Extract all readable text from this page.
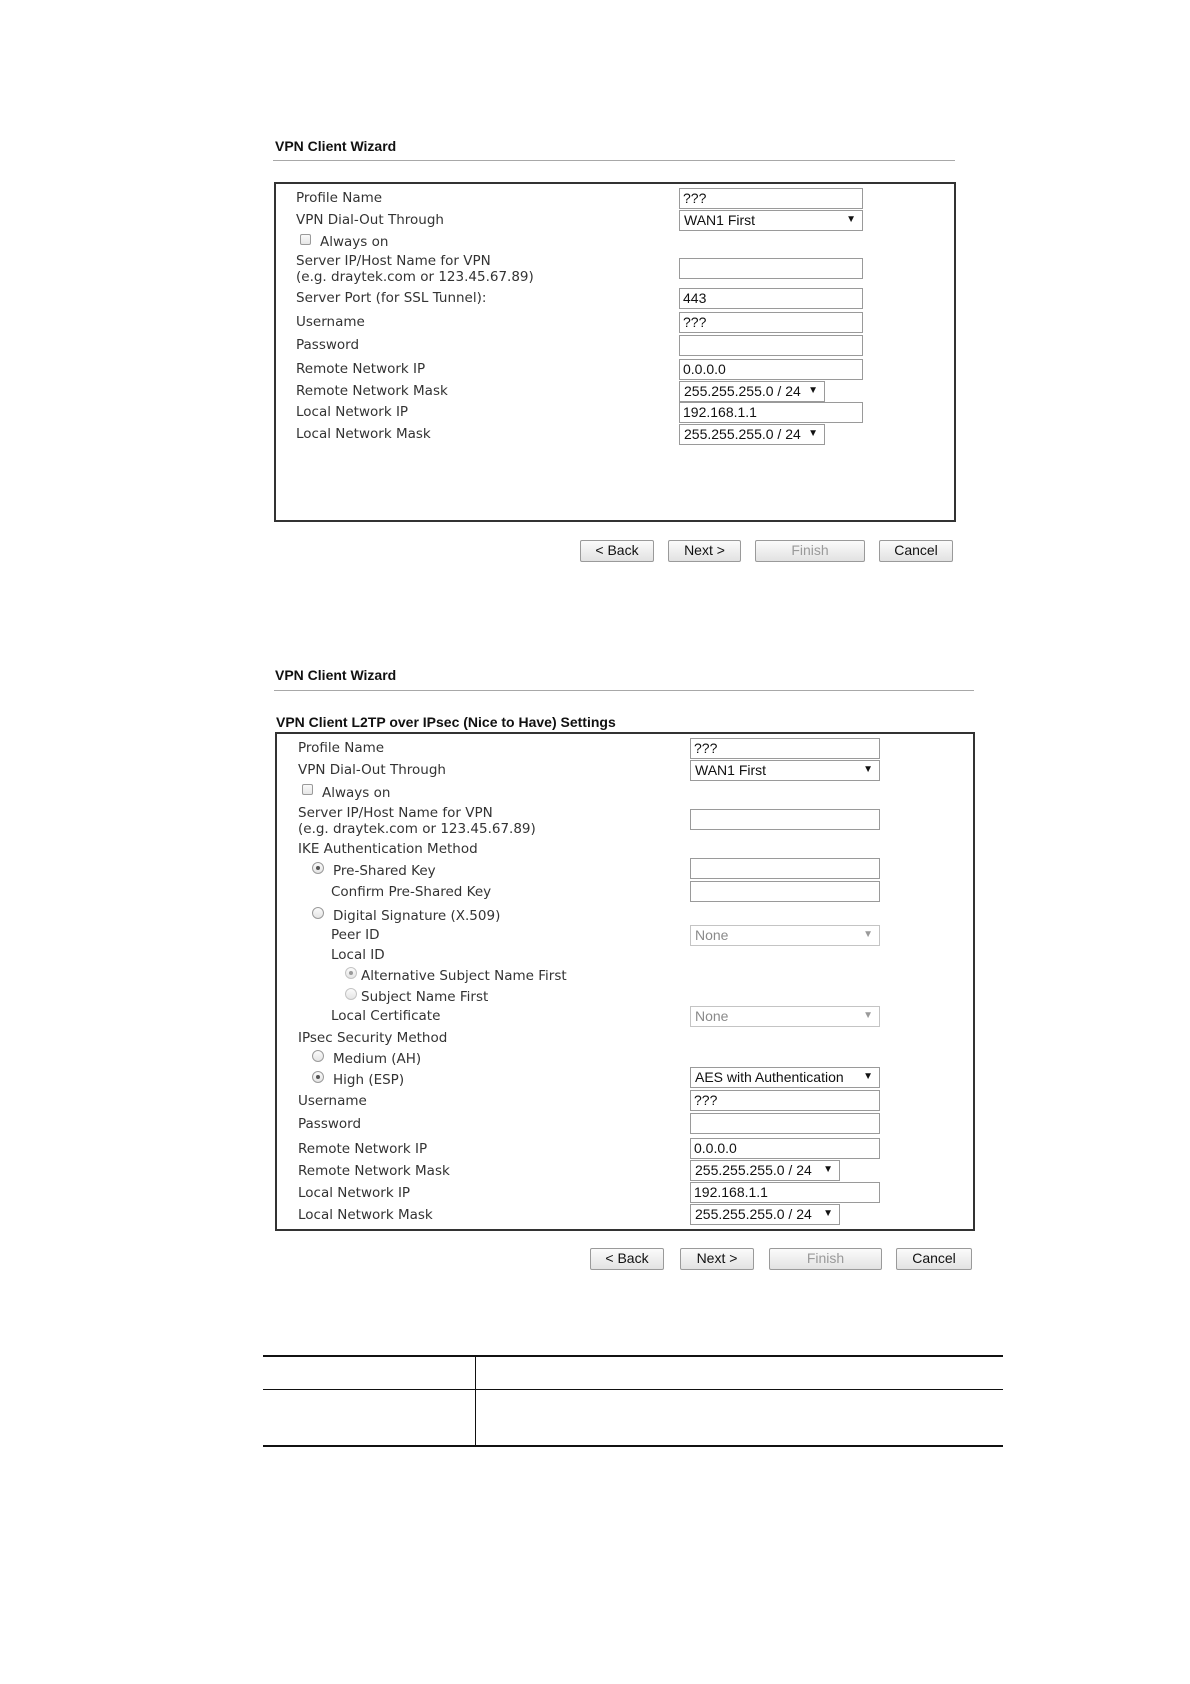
VPN Client Wizard
Profile Name	???
VPN Dial-Out Through	WAN1 First	▼
Always on
Server IP/Host Name for VPN
(e.g. draytek.com or 123.45.67.89)
Server Port (for SSL Tunnel):	443
Username	???
Password
Remote Network IP	0.0.0.0
Remote Network Mask	255.255.255.0 / 24 ▼
Local Network IP	192.168.1.1
Local Network Mask	255.255.255.0 / 24 ▼
< Back	Next >	Finish	Cancel
VPN Client Wizard
VPN Client L2TP over IPsec (Nice to Have) Settings
Profile Name	???
VPN Dial-Out Through	WAN1 First	▼
Always on
Server IP/Host Name for VPN
(e.g. draytek.com or 123.45.67.89)
IKE Authentication Method
Pre-Shared Key
Confirm Pre-Shared Key
Digital Signature (X.509)
Peer ID	None	▼
Local ID
Alternative Subject Name First
Subject Name First
Local Certificate	None	▼
IPsec Security Method
Medium (AH)
High (ESP)	AES with Authentication ▼
Username	???
Password
Remote Network IP	0.0.0.0
Remote Network Mask	255.255.255.0 / 24 ▼
Local Network IP	192.168.1.1
Local Network Mask	255.255.255.0 / 24 ▼
< Back	Next >	Finish	Cancel
